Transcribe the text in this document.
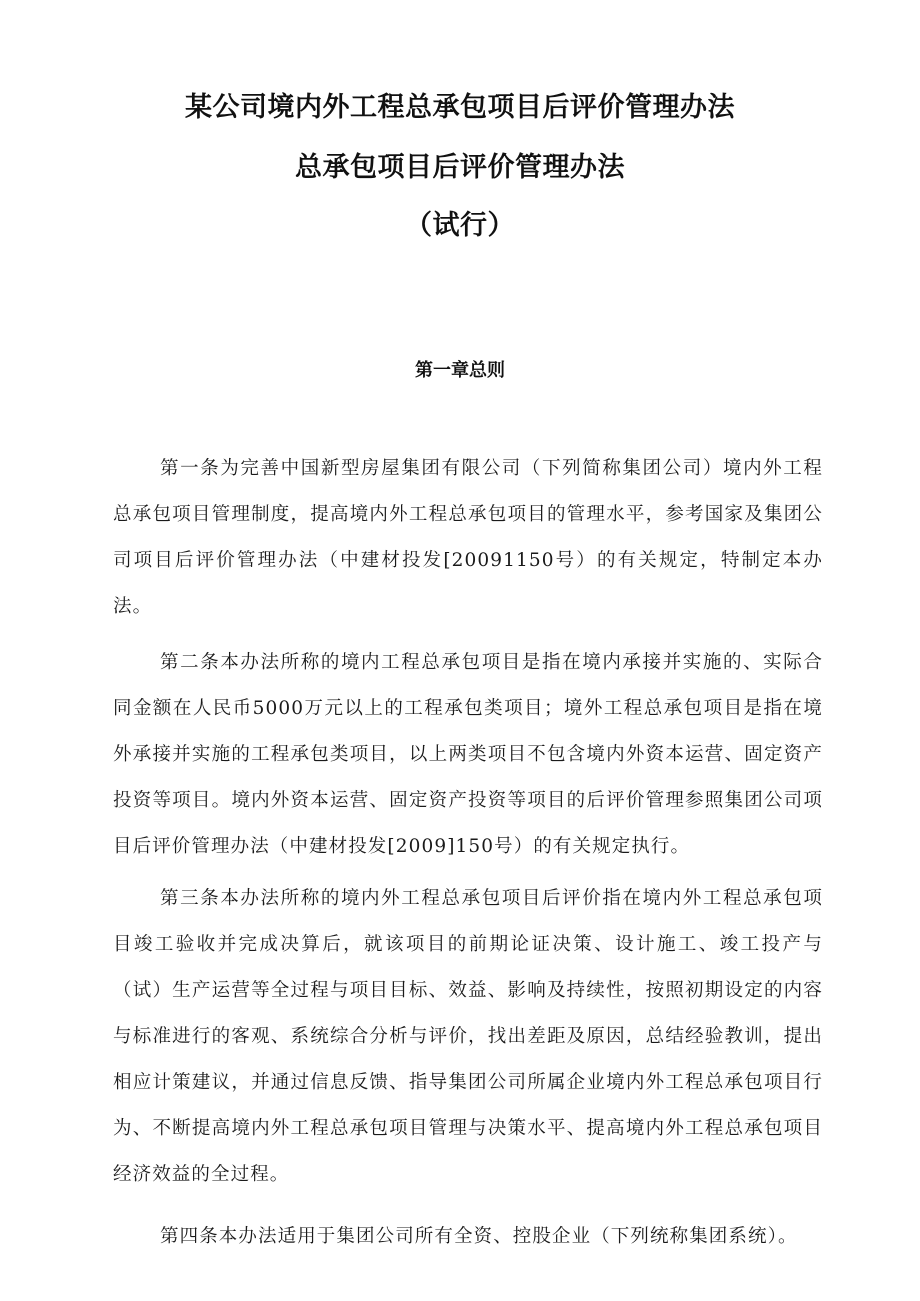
某公司境内外工程总承包项目后评价管理办法
总承包项目后评价管理办法
（试行）
第一章总则

第一条为完善中国新型房屋集团有限公司（下列简称集团公司）境内外工程总承包项目管理制度，提高境内外工程总承包项目的管理水平，参考国家及集团公司项目后评价管理办法（中建材投发[20091150号）的有关规定，特制定本办法。

第二条本办法所称的境内工程总承包项目是指在境内承接并实施的、实际合同金额在人民币5000万元以上的工程承包类项目；境外工程总承包项目是指在境外承接并实施的工程承包类项目，以上两类项目不包含境内外资本运营、固定资产投资等项目。境内外资本运营、固定资产投资等项目的后评价管理参照集团公司项目后评价管理办法（中建材投发[2009]150号）的有关规定执行。

第三条本办法所称的境内外工程总承包项目后评价指在境内外工程总承包项目竣工验收并完成决算后，就该项目的前期论证决策、设计施工、竣工投产与（试）生产运营等全过程与项目目标、效益、影响及持续性，按照初期设定的内容与标准进行的客观、系统综合分析与评价，找出差距及原因，总结经验教训，提出相应计策建议，并通过信息反馈、指导集团公司所属企业境内外工程总承包项目行为、不断提高境内外工程总承包项目管理与决策水平、提高境内外工程总承包项目经济效益的全过程。

第四条本办法适用于集团公司所有全资、控股企业（下列统称集团系统）。
